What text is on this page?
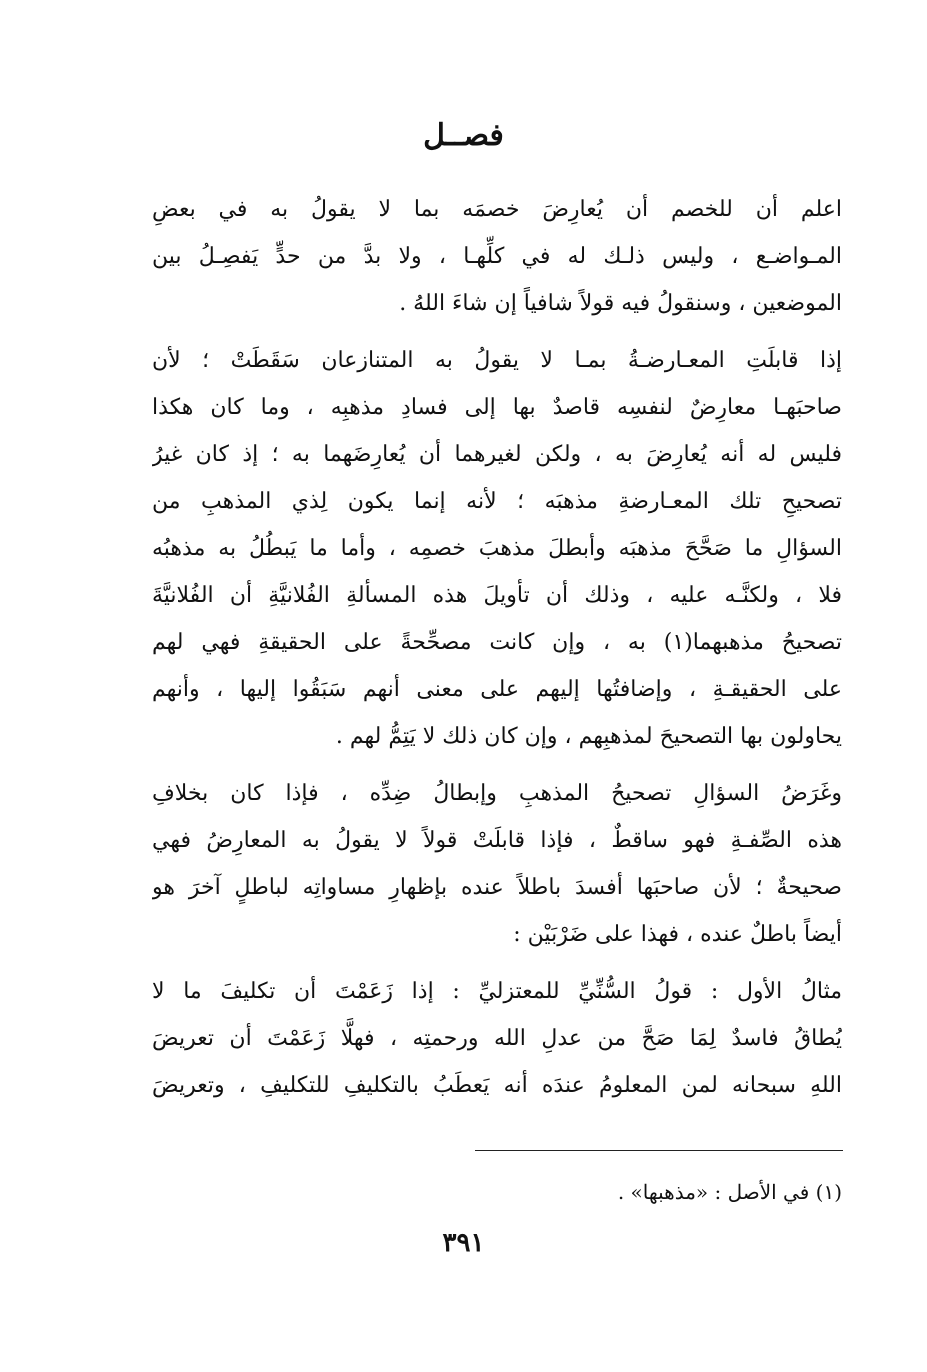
فصــل
اعلم أن للخصم أن يُعارِضَ خصمَه بما لا يقولُ به في بعضِ
المـواضـع ، وليس ذلـك له في كلِّهـا ، ولا بدَّ من حدٍّ يَفصِـلُ بين
الموضعين ، وسنقولُ فيه قولاً شافياً إن شاءَ اللهُ .
إذا قابلَتِ المعـارضـةُ بمـا لا يقولُ به المتنازعان سَقَطَتْ ؛ لأن
صاحبَهـا معارِضٌ لنفسِه قاصدٌ بها إلى فسادِ مذهبِه ، وما كان هكذا
فليس له أنه يُعارِضَ به ، ولكن لغيرهما أن يُعارِضَهما به ؛ إذ كان غيرُ
تصحيحِ تلك المعـارضةِ مذهبَه ؛ لأنه إنما يكون لِذي المذهبِ من
السؤالِ ما صَحَّحَ مذهبَه وأبطلَ مذهبَ خصمِه ، وأما ما يَبطُلُ به مذهبُه
فلا ، ولكنَّـه عليه ، وذلك أن تأويلَ هذه المسألةِ الفُلانيَّةِ أن الفُلانيَّةَ
تصحيحُ مذهبهما(١) به ، وإن كانت مصحِّحةً على الحقيقةِ فهي لهم
على الحقيقـةِ ، وإضافتُها إليهم على معنى أنهم سَبَقُوا إليها ، وأنهم
يحاولون بها التصحيحَ لمذهبِهم ، وإن كان ذلك لا يَتِمُّ لهم .
وغَرَضُ السؤالِ تصحيحُ المذهبِ وإبطالُ ضِدِّه ، فإذا كان بخلافِ
هذه الصِّفـةِ فهو ساقطٌ ، فإذا قابلَتْ قولاً لا يقولُ به المعارِضُ فهي
صحيحةٌ ؛ لأن صاحبَها أفسدَ باطلاً عنده بإظهارِ مساواتِه لباطلٍ آخرَ هو
أيضاً باطلٌ عنده ، فهذا على ضَرْبَيْن :
مثالُ الأول : قولُ السُّنِّيِّ للمعتزليِّ : إذا زَعَمْتَ أن تكليفَ ما لا
يُطاقُ فاسدٌ لِمَا صَحَّ من عدلِ الله ورحمتِه ، فهلَّا زَعَمْتَ أن تعريضَ
اللهِ سبحانه لمن المعلومُ عندَه أنه يَعطَبُ بالتكليفِ للتكليفِ ، وتعريضَ
(١) في الأصل : «مذهبها» .
٣٩١
